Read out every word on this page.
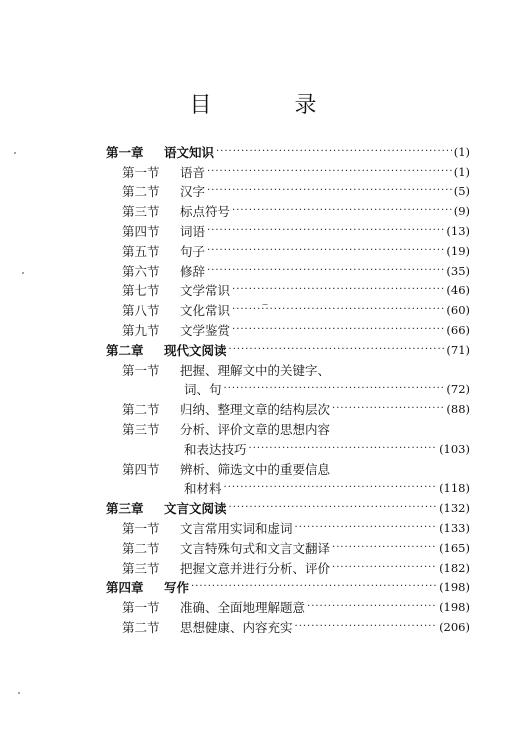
目 录
第一章	语文知识 ·····	(1)
第一节	语音 ·····	(1)
第二节	汉字 ·····	(5)
第三节	标点符号 ·····	(9)
第四节	词语 ·····	(13)
第五节	句子 ·····	(19)
第六节	修辞 ·····	(35)
第七节	文学常识 ·····	(46)
第八节	文化常识 ·····	(60)
第九节	文学鉴赏 ·····	(66)
第二章	现代文阅读 ·····	(71)
第一节	把握、理解文中的关键字、
词、句 ·····	(72)
第二节	归纳、整理文章的结构层次 ·····	(88)
第三节	分析、评价文章的思想内容
和表达技巧 ·····	(103)
第四节	辨析、筛选文中的重要信息
和材料 ·····	(118)
第三章	文言文阅读 ·····	(132)
第一节	文言常用实词和虚词 ·····	(133)
第二节	文言特殊句式和文言文翻译 ·····	(165)
第三节	把握文意并进行分析、评价 ·····	(182)
第四章	写作 ·····	(198)
第一节	准确、全面地理解题意 ·····	(198)
第二节	思想健康、内容充实 ·····	(206)
